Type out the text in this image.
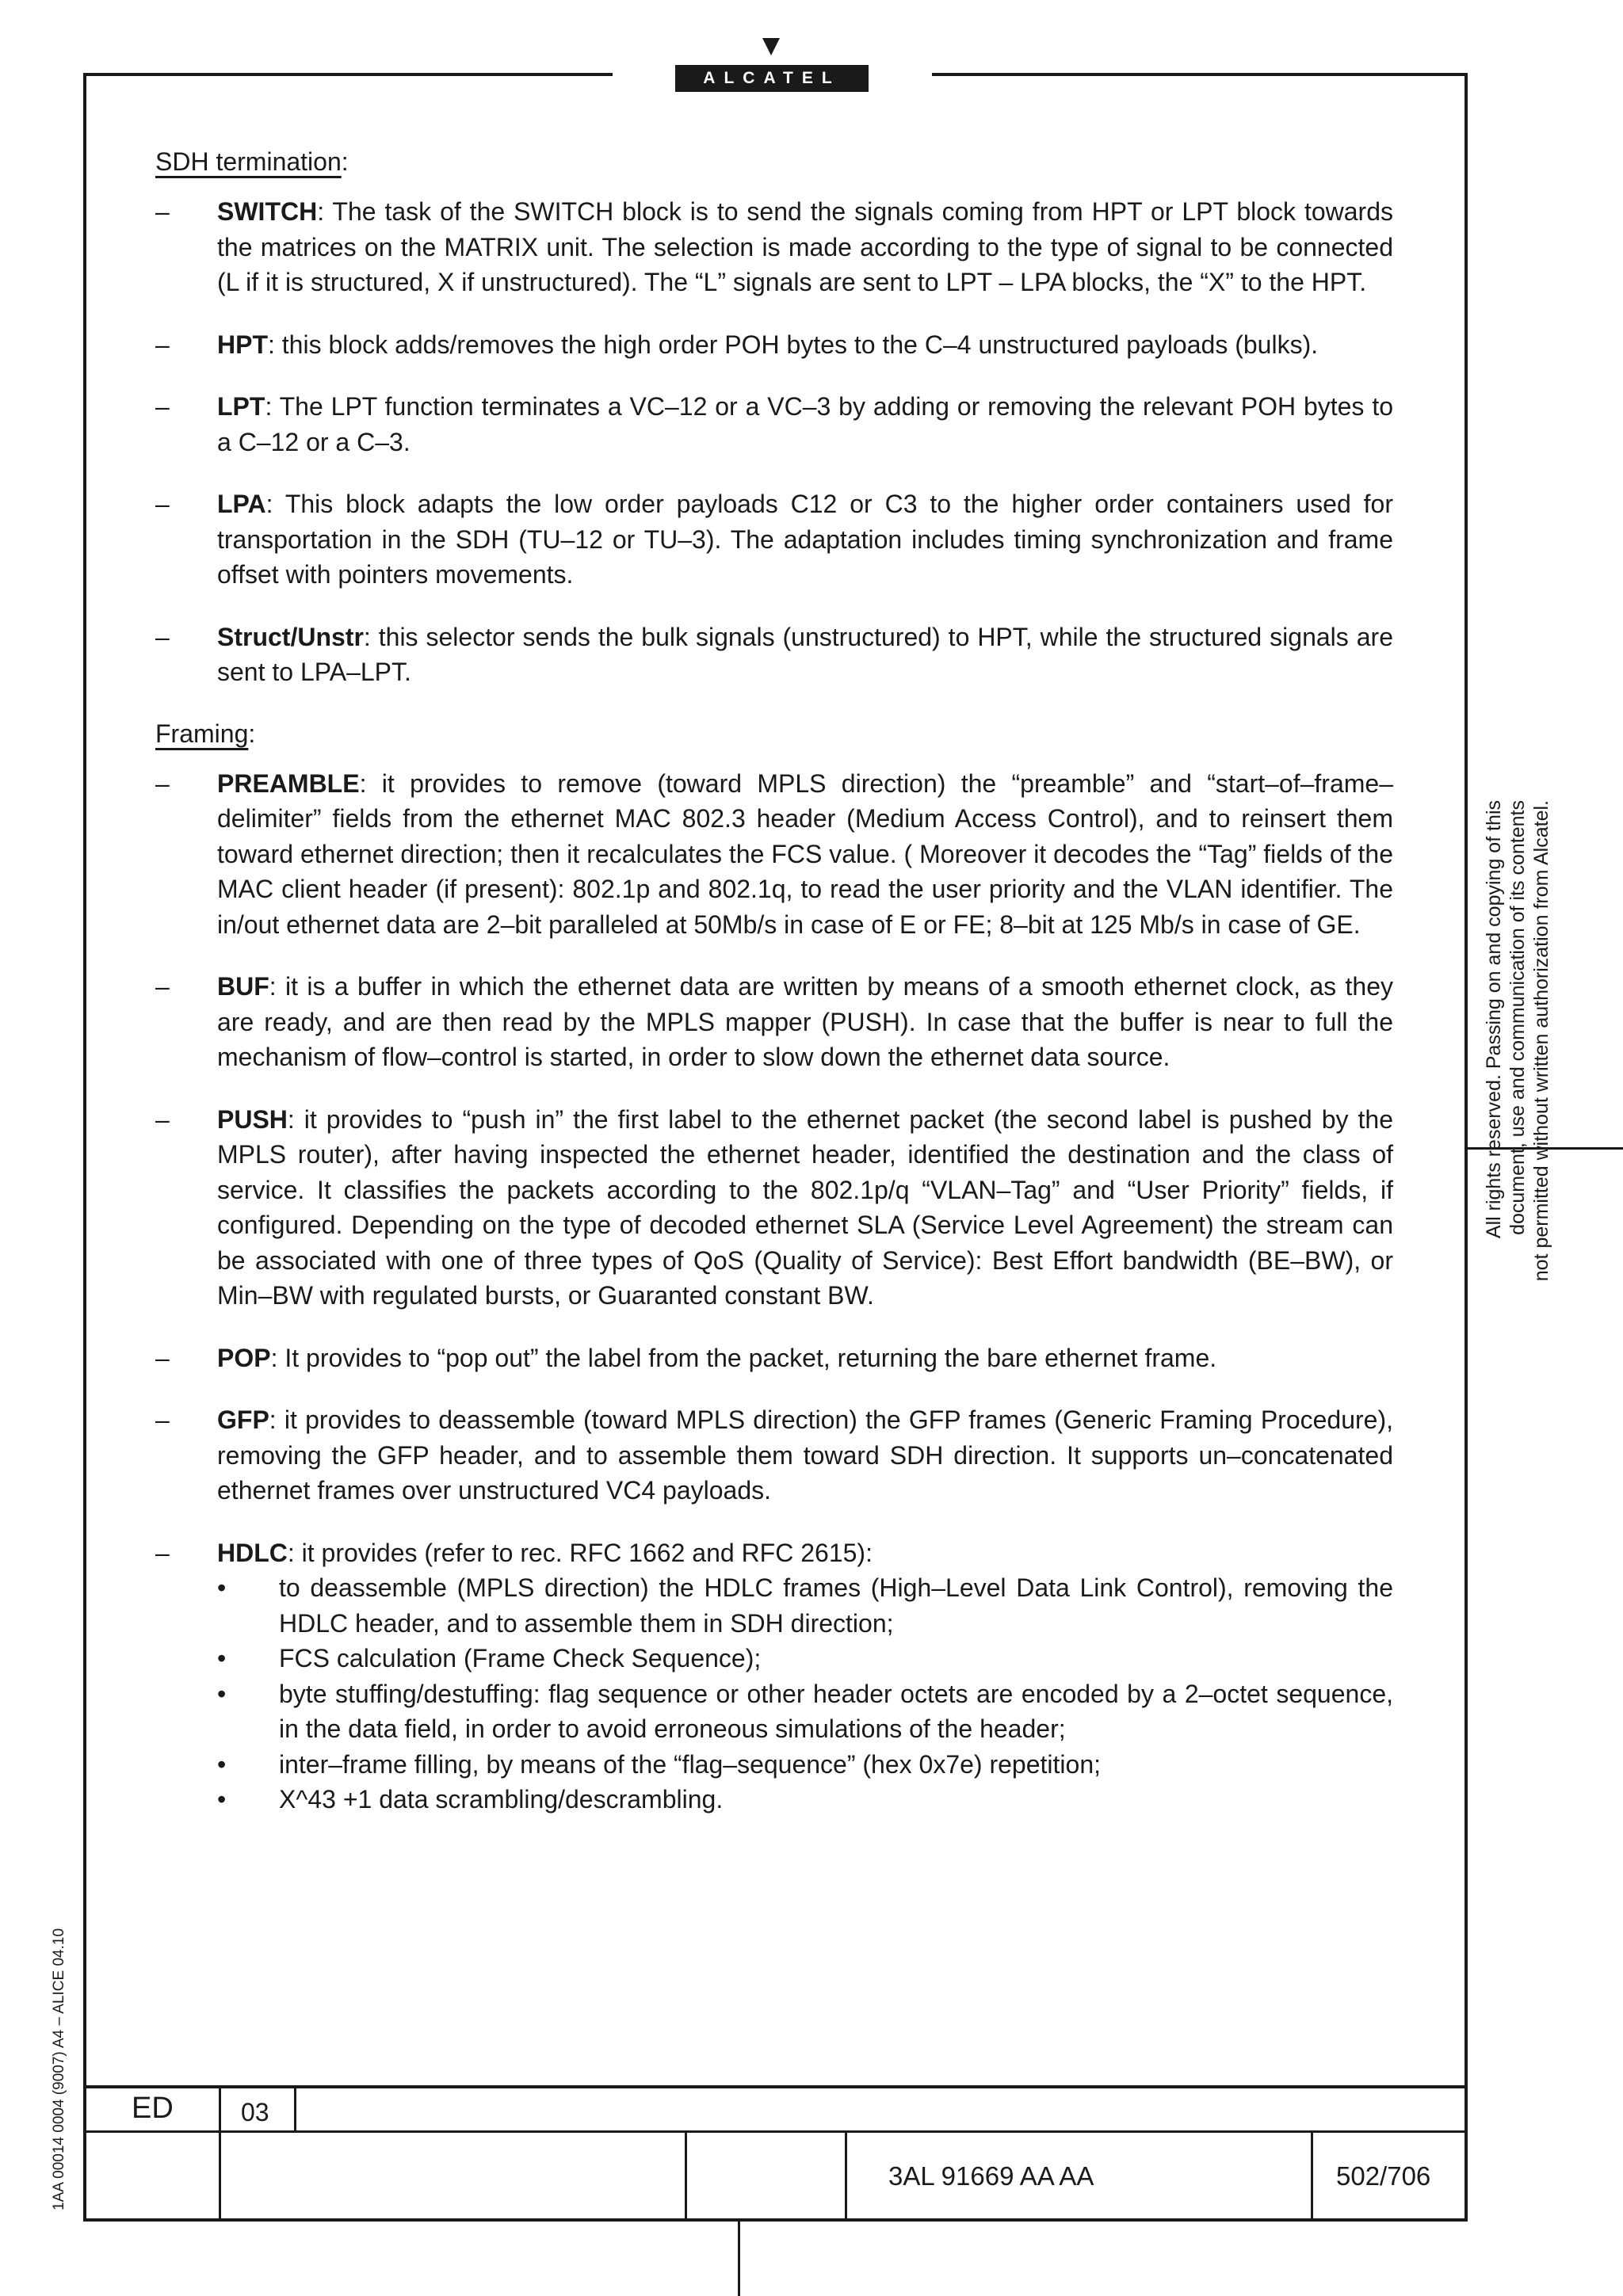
ALCATEL
All rights reserved. Passing on and copying of this document, use and communication of its contents not permitted without written authorization from Alcatel.
1AA 00014 0004 (9007) A4 – ALICE 04.10
SDH termination:
– SWITCH: The task of the SWITCH block is to send the signals coming from HPT or LPT block towards the matrices on the MATRIX unit. The selection is made according to the type of signal to be connected (L if it is structured, X if unstructured). The “L” signals are sent to LPT – LPA blocks, the “X” to the HPT.
– HPT: this block adds/removes the high order POH bytes to the C–4 unstructured payloads (bulks).
– LPT: The LPT function terminates a VC–12 or a VC–3 by adding or removing the relevant POH bytes to a C–12 or a C–3.
– LPA: This block adapts the low order payloads C12 or C3 to the higher order containers used for transportation in the SDH (TU–12 or TU–3). The adaptation includes timing synchronization and frame offset with pointers movements.
– Struct/Unstr: this selector sends the bulk signals (unstructured) to HPT, while the structured signals are sent to LPA–LPT.
Framing:
– PREAMBLE: it provides to remove (toward MPLS direction) the “preamble” and “start–of–frame–delimiter” fields from the ethernet MAC 802.3 header (Medium Access Control), and to reinsert them toward ethernet direction; then it recalculates the FCS value. ( Moreover it decodes the “Tag” fields of the MAC client header (if present): 802.1p and 802.1q, to read the user priority and the VLAN identifier. The in/out ethernet data are 2–bit paralleled at 50Mb/s in case of E or FE; 8–bit at 125 Mb/s in case of GE.
– BUF: it is a buffer in which the ethernet data are written by means of a smooth ethernet clock, as they are ready, and are then read by the MPLS mapper (PUSH). In case that the buffer is near to full the mechanism of flow–control is started, in order to slow down the ethernet data source.
– PUSH: it provides to “push in” the first label to the ethernet packet (the second label is pushed by the MPLS router), after having inspected the ethernet header, identified the destination and the class of service. It classifies the packets according to the 802.1p/q “VLAN–Tag” and “User Priority” fields, if configured. Depending on the type of decoded ethernet SLA (Service Level Agreement) the stream can be associated with one of three types of QoS (Quality of Service): Best Effort bandwidth (BE–BW), or Min–BW with regulated bursts, or Guaranted constant BW.
– POP: It provides to “pop out” the label from the packet, returning the bare ethernet frame.
– GFP: it provides to deassemble (toward MPLS direction) the GFP frames (Generic Framing Procedure), removing the GFP header, and to assemble them toward SDH direction. It supports un–concatenated ethernet frames over unstructured VC4 payloads.
– HDLC: it provides (refer to rec. RFC 1662 and RFC 2615):
• to deassemble (MPLS direction) the HDLC frames (High–Level Data Link Control), removing the HDLC header, and to assemble them in SDH direction;
• FCS calculation (Frame Check Sequence);
• byte stuffing/destuffing: flag sequence or other header octets are encoded by a 2–octet sequence, in the data field, in order to avoid erroneous simulations of the header;
• inter–frame filling, by means of the “flag–sequence” (hex 0x7e) repetition;
• X^43 +1 data scrambling/descrambling.
ED	03
3AL 91669 AA AA	502/706
